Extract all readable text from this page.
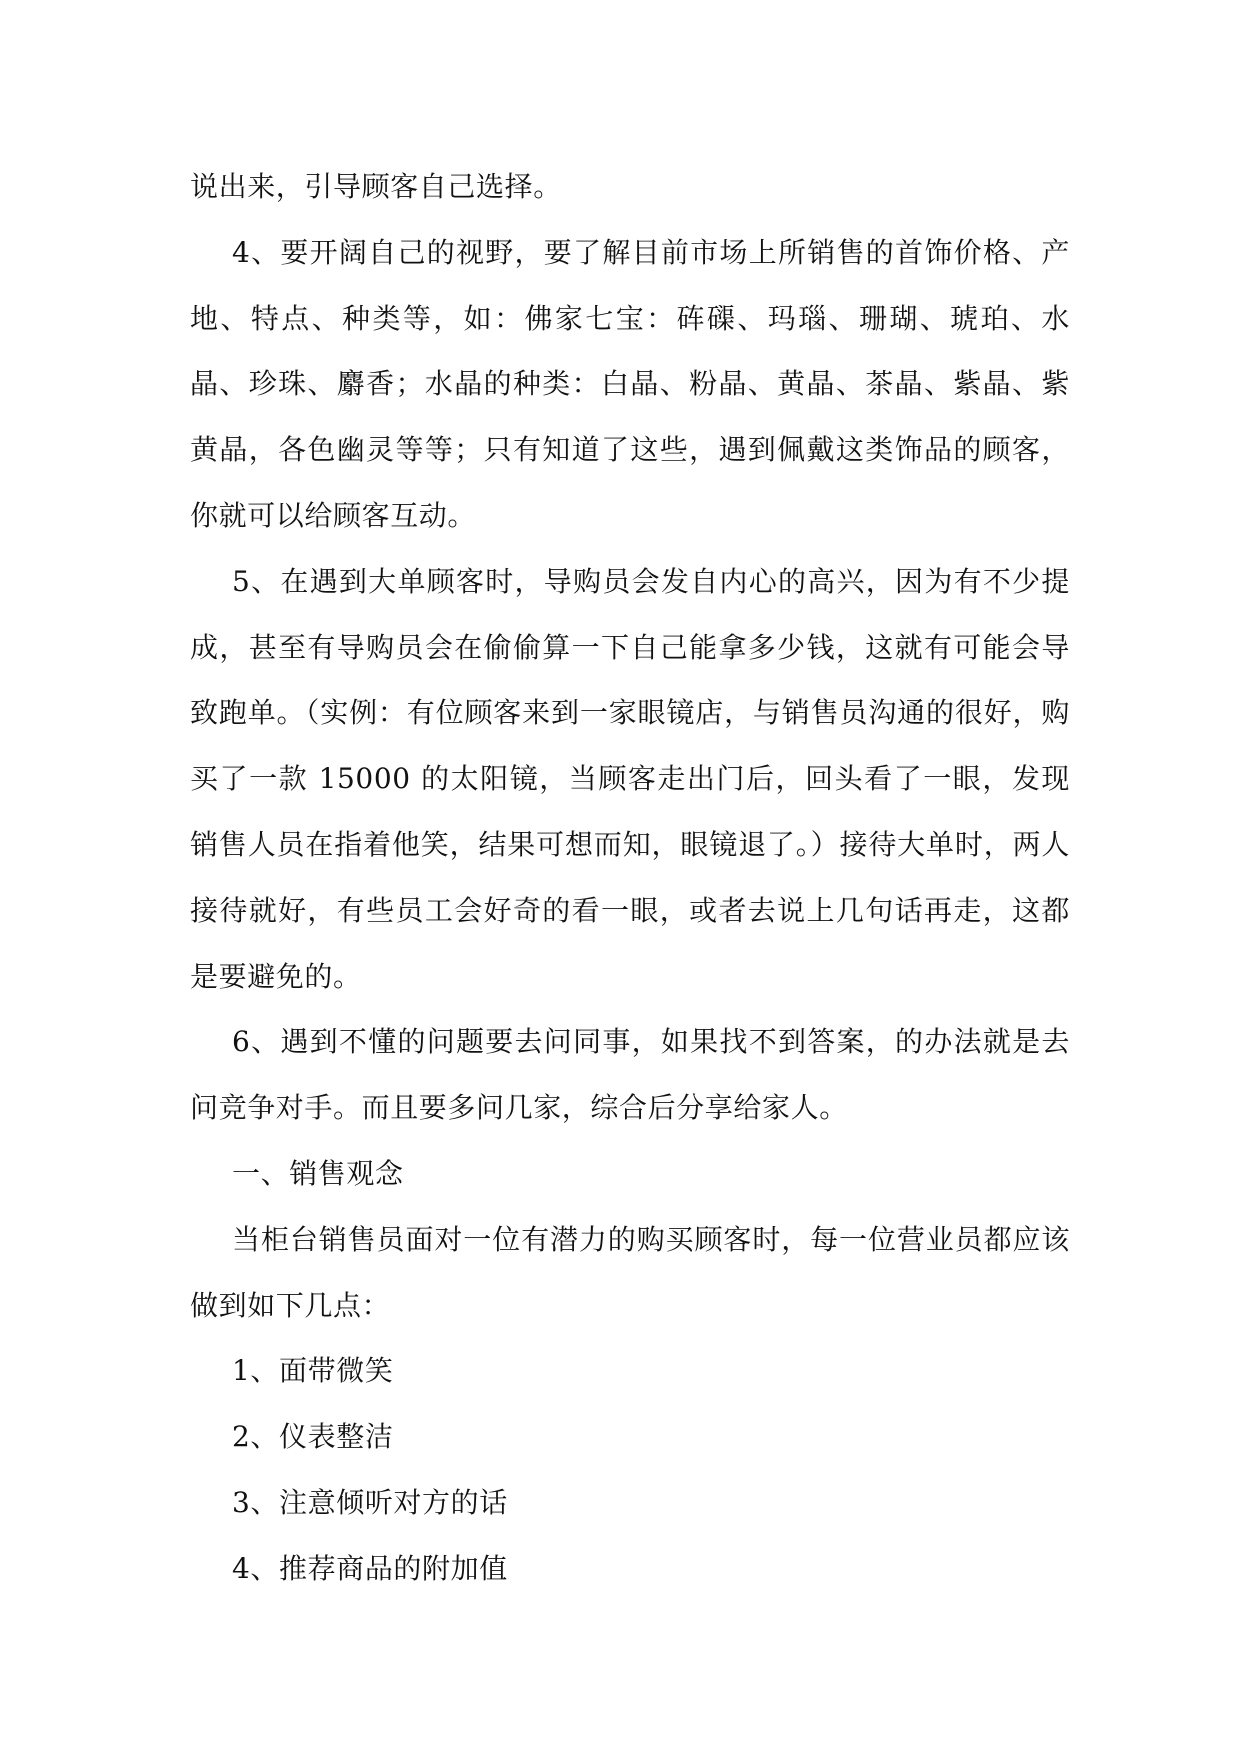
说出来，引导顾客自己选择。

4、要开阔自己的视野，要了解目前市场上所销售的首饰价格、产地、特点、种类等，如：佛家七宝：砗磲、玛瑙、珊瑚、琥珀、水晶、珍珠、麝香；水晶的种类：白晶、粉晶、黄晶、茶晶、紫晶、紫黄晶，各色幽灵等等；只有知道了这些，遇到佩戴这类饰品的顾客，你就可以给顾客互动。

5、在遇到大单顾客时，导购员会发自内心的高兴，因为有不少提成，甚至有导购员会在偷偷算一下自己能拿多少钱，这就有可能会导致跑单。（实例：有位顾客来到一家眼镜店，与销售员沟通的很好，购买了一款 15000 的太阳镜，当顾客走出门后，回头看了一眼，发现销售人员在指着他笑，结果可想而知，眼镜退了。）接待大单时，两人接待就好，有些员工会好奇的看一眼，或者去说上几句话再走，这都是要避免的。

6、遇到不懂的问题要去问同事，如果找不到答案，的办法就是去问竞争对手。而且要多问几家，综合后分享给家人。

一、销售观念

当柜台销售员面对一位有潜力的购买顾客时，每一位营业员都应该做到如下几点：

1、面带微笑

2、仪表整洁

3、注意倾听对方的话

4、推荐商品的附加值
